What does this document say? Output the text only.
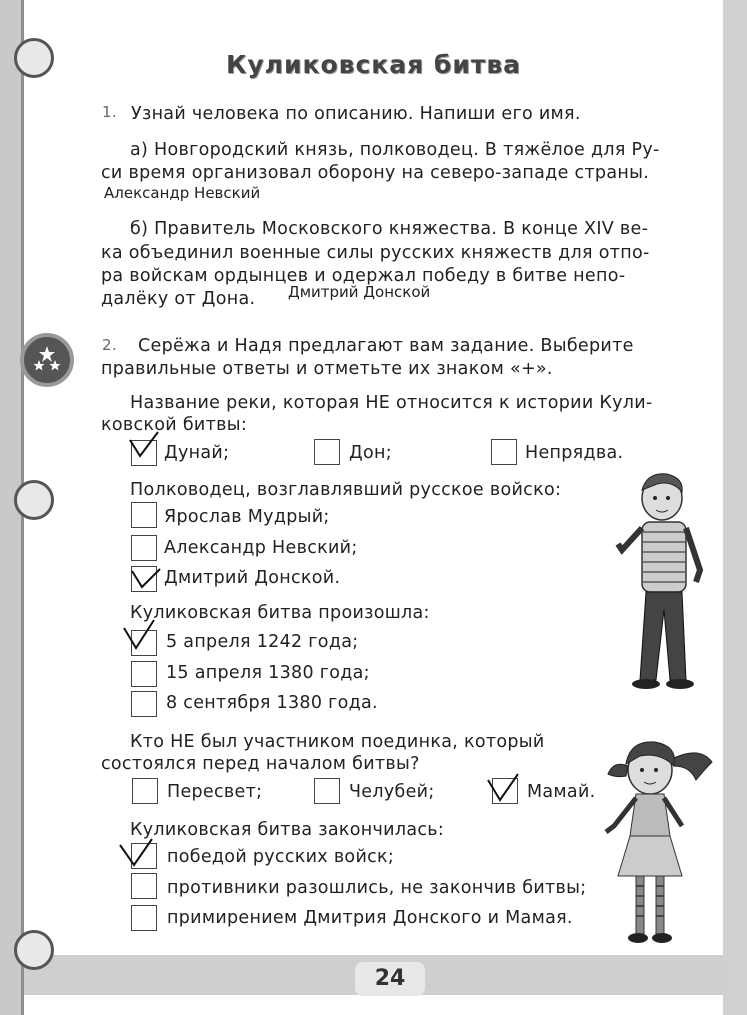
Куликовская битва
1. Узнай человека по описанию. Напиши его имя.
а) Новгородский князь, полководец. В тяжёлое для Ру-
си время организовал оборону на северо-западе страны.
Александр Невский
б) Правитель Московского княжества. В конце XIV ве-
ка объединил военные силы русских княжеств для отпо-
ра войскам ордынцев и одержал победу в битве непо-
далёку от Дона. Дмитрий Донской
2. Серёжа и Надя предлагают вам задание. Выберите
правильные ответы и отметьте их знаком «+».
Название реки, которая НЕ относится к истории Кули-
ковской битвы:
Дунай;	Дон;	Непрядва.
Полководец, возглавлявший русское войско:
Ярослав Мудрый;
Александр Невский;
Дмитрий Донской.
Куликовская битва произошла:
5 апреля 1242 года;
15 апреля 1380 года;
8 сентября 1380 года.
Кто НЕ был участником поединка, который
состоялся перед началом битвы?
Пересвет;	Челубей;	Мамай.
Куликовская битва закончилась:
победой русских войск;
противники разошлись, не закончив битвы;
примирением Дмитрия Донского и Мамая.
24
